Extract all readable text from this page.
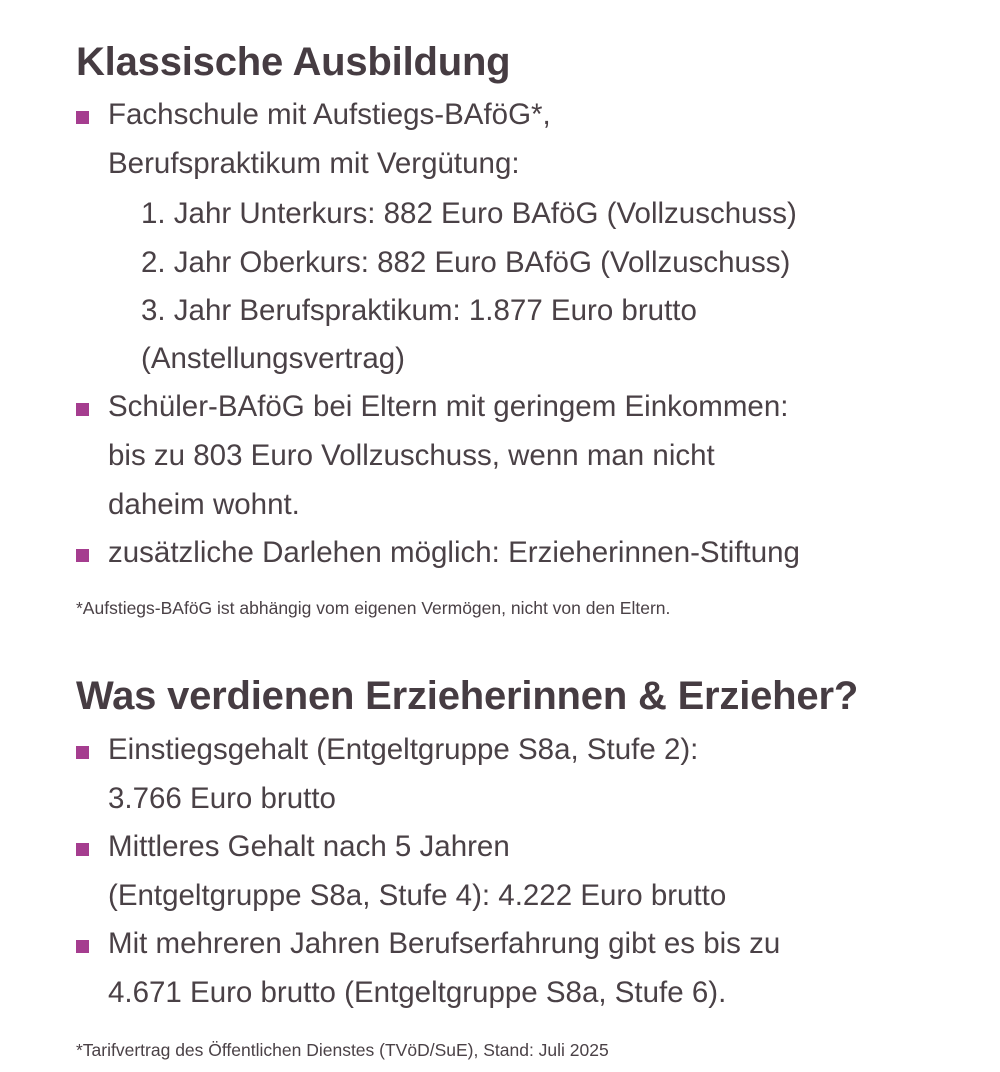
Klassische Ausbildung

Fachschule mit Aufstiegs-BAföG*,

Berufspraktikum mit Vergütung:

1. Jahr Unterkurs: 882 Euro BAföG (Vollzuschuss)

2. Jahr Oberkurs: 882 Euro BAföG (Vollzuschuss)

3. Jahr Berufspraktikum: 1.877 Euro brutto

(Anstellungsvertrag)

Schüler-BAföG bei Eltern mit geringem Einkommen:

bis zu 803 Euro Vollzuschuss, wenn man nicht

daheim wohnt.

zusätzliche Darlehen möglich: Erzieherinnen-Stiftung

*Aufstiegs-BAföG ist abhängig vom eigenen Vermögen, nicht von den Eltern.

Was verdienen Erzieherinnen & Erzieher?

Einstiegsgehalt (Entgeltgruppe S8a, Stufe 2):

3.766 Euro brutto

Mittleres Gehalt nach 5 Jahren

(Entgeltgruppe S8a, Stufe 4): 4.222 Euro brutto

Mit mehreren Jahren Berufserfahrung gibt es bis zu

4.671 Euro brutto (Entgeltgruppe S8a, Stufe 6).

*Tarifvertrag des Öffentlichen Dienstes (TVöD/SuE), Stand: Juli 2025
